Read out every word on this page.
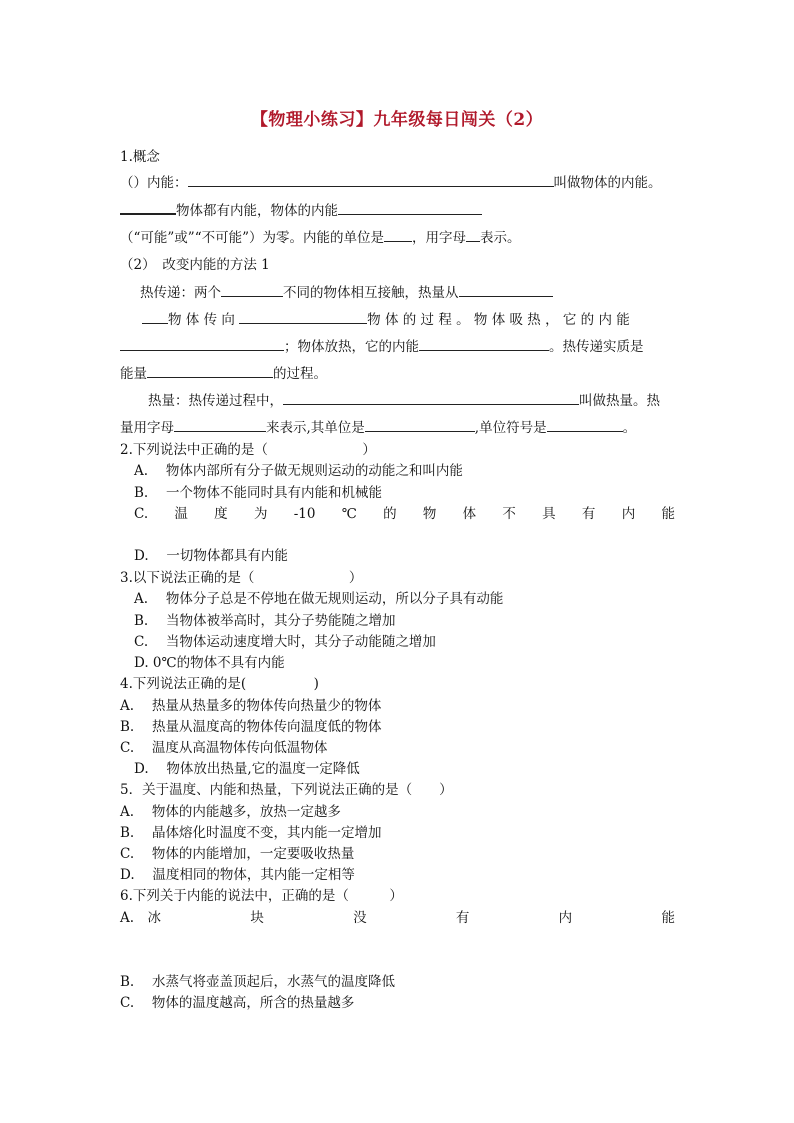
【物理小练习】九年级每日闯关（2）
1.概念
（）内能：	叫做物体的内能。
物体都有内能，物体的内能
（“可能”或”“不可能”）为零。内能的单位是 ，用字母 表示。
（2）　改变内能的方法 1
热传递：两个	不同的物体相互接触，热量从
物 体 传 向	物 体 的 过 程 。 物 体 吸 热 ， 它 的 内 能
；物体放热，它的内能	。热传递实质是
能量	的过程。
热量：热传递过程中，	叫做热量。热
量用字母	来表示,其单位是	,单位符号是	。
2.下列说法中正确的是（　　　　　　　）
A.　 物体内部所有分子做无规则运动的动能之和叫内能
B.　 一个物体不能同时具有内能和机械能
C. 温 度 为 -10 ℃ 的 物 体 不 具 有 内 能
D.　 一切物体都具有内能
3.以下说法正确的是（　　　　　　　）
A.　 物体分子总是不停地在做无规则运动，所以分子具有动能
B.　 当物体被举高时，其分子势能随之增加
C.　 当物体运动速度增大时，其分子动能随之增加
D. 0℃的物体不具有内能
4.下列说法正确的是(　　　　　)
A.　 热量从热量多的物体传向热量少的物体
B.　 热量从温度高的物体传向温度低的物体
C.　 温度从高温物体传向低温物体
D.　 物体放出热量,它的温度一定降低
5．关于温度、内能和热量，下列说法正确的是（　　）
A.　 物体的内能越多，放热一定越多
B.　 晶体熔化时温度不变，其内能一定增加
C.　 物体的内能增加，一定要吸收热量
D.　 温度相同的物体，其内能一定相等
6.下列关于内能的说法中，正确的是（　　　）
A.　冰	块	没	有	内	能
B.　 水蒸气将壶盖顶起后，水蒸气的温度降低
C.　 物体的温度越高，所含的热量越多
